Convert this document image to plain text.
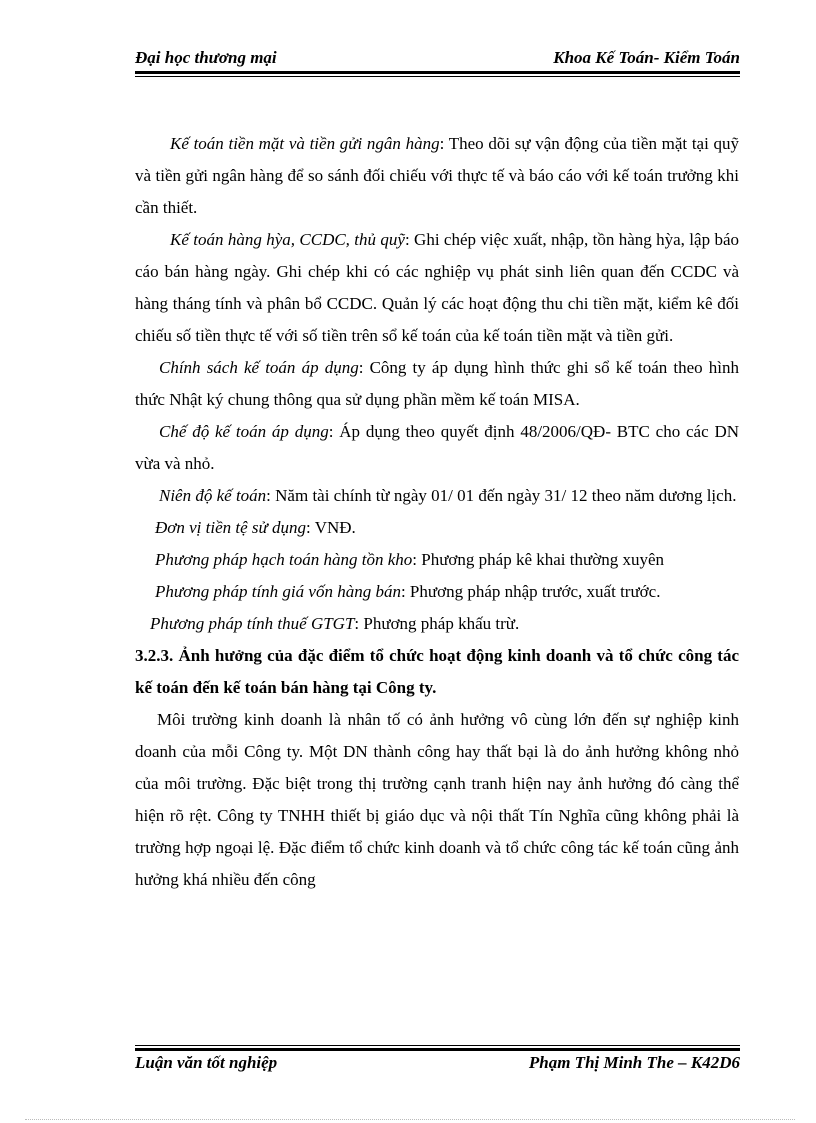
Đại học thương mại	Khoa Kế Toán- Kiểm Toán

Kế toán tiền mặt và tiền gửi ngân hàng: Theo dõi sự vận động của tiền mặt tại quỹ và tiền gửi ngân hàng để so sánh đối chiếu với thực tế và báo cáo với kế toán trưởng khi cần thiết.

Kế toán hàng hỳa, CCDC, thủ quỹ: Ghi chép việc xuất, nhập, tồn hàng hỳa, lập báo cáo bán hàng ngày. Ghi chép khi có các nghiệp vụ phát sinh liên quan đến CCDC và hàng tháng tính và phân bổ CCDC. Quản lý các hoạt động thu chi tiền mặt, kiểm kê đối chiếu số tiền thực tế với số tiền trên sổ kế toán của kế toán tiền mặt và tiền gửi.

Chính sách kế toán áp dụng: Công ty áp dụng hình thức ghi sổ kế toán theo hình thức Nhật ký chung thông qua sử dụng phần mềm kế toán MISA.

Chế độ kế toán áp dụng: Áp dụng theo quyết định 48/2006/QĐ- BTC cho các DN vừa và nhỏ.

Niên độ kế toán: Năm tài chính từ ngày 01/ 01 đến ngày 31/ 12 theo năm dương lịch.

Đơn vị tiền tệ sử dụng: VNĐ.

Phương pháp hạch toán hàng tồn kho: Phương pháp kê khai thường xuyên

Phương pháp tính giá vốn hàng bán: Phương pháp nhập trước, xuất trước.

Phương pháp tính thuế GTGT: Phương pháp khấu trừ.

3.2.3. Ảnh hưởng của đặc điểm tổ chức hoạt động kinh doanh và tổ chức công tác kế toán đến kế toán bán hàng tại Công ty.

Môi trường kinh doanh là nhân tố có ảnh hưởng vô cùng lớn đến sự nghiệp kinh doanh của mỗi Công ty. Một DN thành công hay thất bại là do ảnh hưởng không nhỏ của môi trường. Đặc biệt trong thị trường cạnh tranh hiện nay ảnh hưởng đó càng thể hiện rõ rệt. Công ty TNHH thiết bị giáo dục và nội thất Tín Nghĩa cũng không phải là trường hợp ngoại lệ. Đặc điểm tổ chức kinh doanh và tổ chức công tác kế toán cũng ảnh hưởng khá nhiều đến công

Luận văn tốt nghiệp	Phạm Thị Minh The – K42D6
